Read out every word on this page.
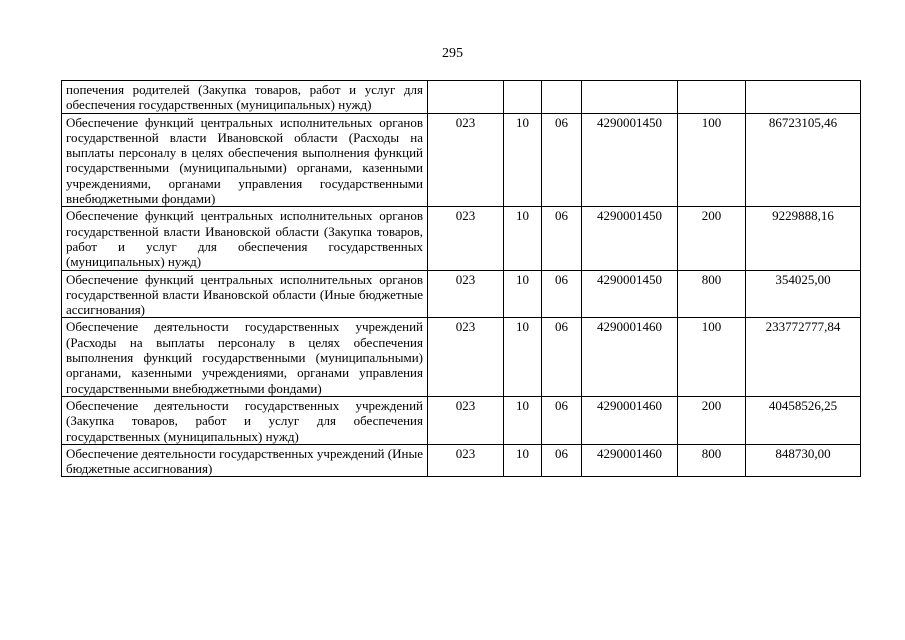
295
попечения родителей (Закупка товаров, работ и услуг для обеспечения государственных (муниципальных) нужд)						
Обеспечение функций центральных исполнительных органов государственной власти Ивановской области (Расходы на выплаты персоналу в целях обеспечения выполнения функций государственными (муниципальными) органами, казенными учреждениями, органами управления государственными внебюджетными фондами)	023	10	06	4290001450	100	86723105,46
Обеспечение функций центральных исполнительных органов государственной власти Ивановской области (Закупка товаров, работ и услуг для обеспечения государственных (муниципальных) нужд)	023	10	06	4290001450	200	9229888,16
Обеспечение функций центральных исполнительных органов государственной власти Ивановской области (Иные бюджетные ассигнования)	023	10	06	4290001450	800	354025,00
Обеспечение деятельности государственных учреждений (Расходы на выплаты персоналу в целях обеспечения выполнения функций государственными (муниципальными) органами, казенными учреждениями, органами управления государственными внебюджетными фондами)	023	10	06	4290001460	100	233772777,84
Обеспечение деятельности государственных учреждений (Закупка товаров, работ и услуг для обеспечения государственных (муниципальных) нужд)	023	10	06	4290001460	200	40458526,25
Обеспечение деятельности государственных учреждений (Иные бюджетные ассигнования)	023	10	06	4290001460	800	848730,00
